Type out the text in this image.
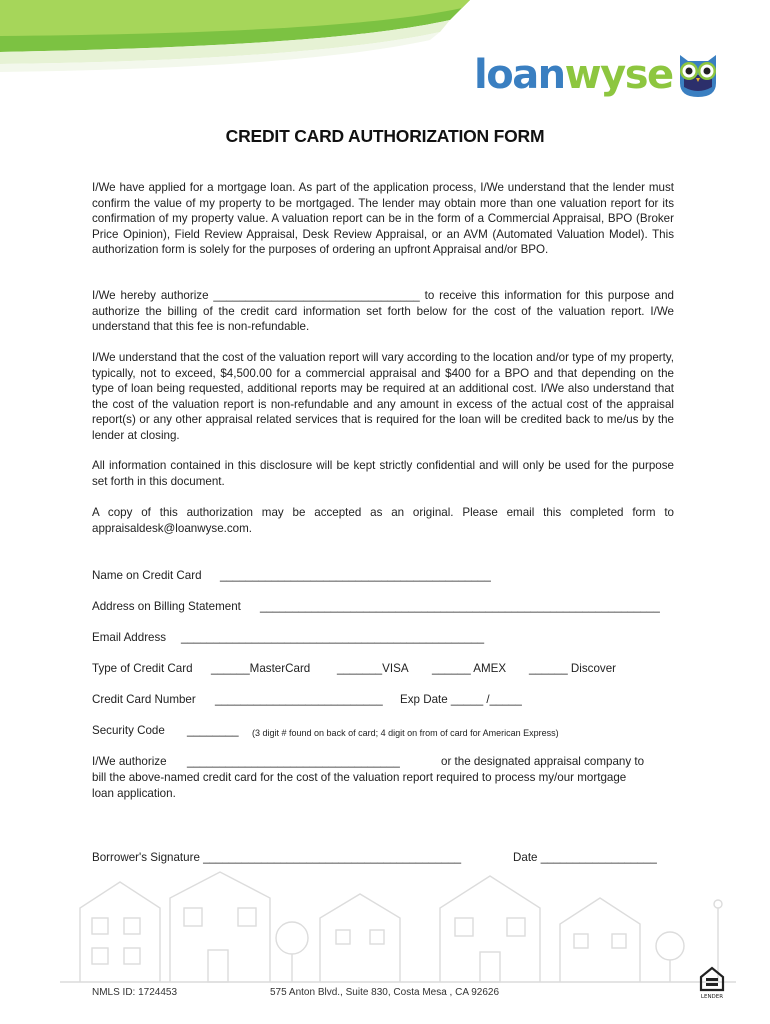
loanwyse
CREDIT CARD AUTHORIZATION FORM
I/We have applied for a mortgage loan. As part of the application process, I/We understand that the lender must confirm the value of my property to be mortgaged. The lender may obtain more than one valuation report for its confirmation of my property value. A valuation report can be in the form of a Commercial Appraisal, BPO (Broker Price Opinion), Field Review Appraisal, Desk Review Appraisal, or an AVM (Automated Valuation Model). This authorization form is solely for the purposes of ordering an upfront Appraisal and/or BPO.
I/We hereby authorize ________________________________ to receive this information for this purpose and authorize the billing of the credit card information set forth below for the cost of the valuation report. I/We understand that this fee is non-refundable.
I/We understand that the cost of the valuation report will vary according to the location and/or type of my property, typically, not to exceed, $4,500.00 for a commercial appraisal and $400 for a BPO and that depending on the type of loan being requested, additional reports may be required at an additional cost. I/We also understand that the cost of the valuation report is non-refundable and any amount in excess of the actual cost of the appraisal report(s) or any other appraisal related services that is required for the loan will be credited back to me/us by the lender at closing.
All information contained in this disclosure will be kept strictly confidential and will only be used for the purpose set forth in this document.
A copy of this authorization may be accepted as an original. Please email this completed form to appraisaldesk@loanwyse.com.
Name on Credit Card __________________________________________
Address on Billing Statement ______________________________________________________________
Email Address _______________________________________________
Type of Credit Card ______MasterCard _______VISA ______ AMEX ______ Discover
Credit Card Number __________________________ Exp Date _____ /_____
Security Code ________ (3 digit # found on back of card; 4 digit on from of card for American Express)
I/We authorize _________________________________	or the designated appraisal company to
bill the above-named credit card for the cost of the valuation report required to process my/our mortgage
loan application.
Borrower's Signature ________________________________________	Date __________________
NMLS ID: 1724453	575 Anton Blvd., Suite 830, Costa Mesa , CA 92626	LENDER
